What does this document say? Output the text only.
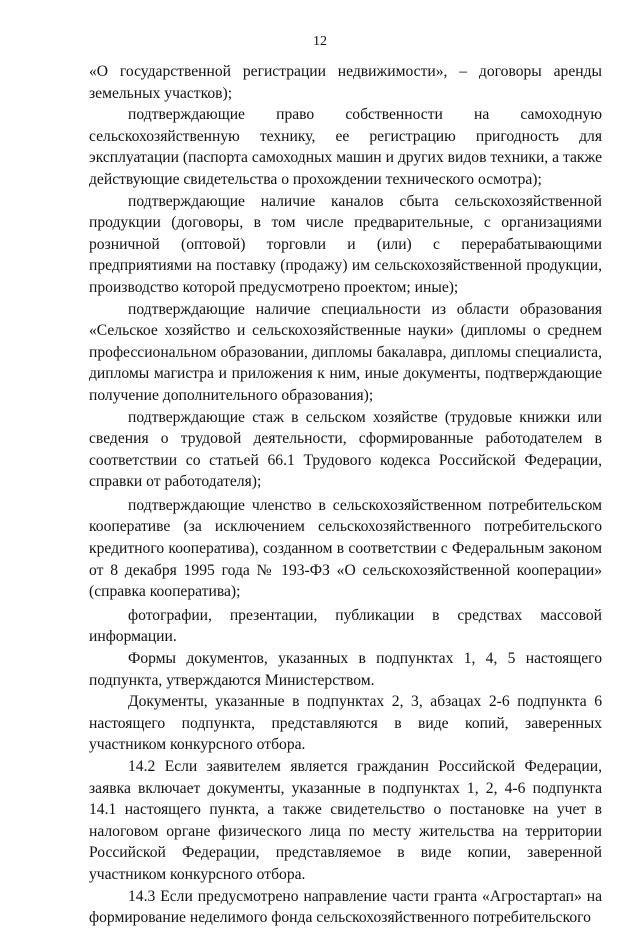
12

«О государственной регистрации недвижимости», – договоры аренды земельных участков);

подтверждающие право собственности на самоходную сельскохозяйственную технику, ее регистрацию пригодность для эксплуатации (паспорта самоходных машин и других видов техники, а также действующие свидетельства о прохождении технического осмотра);

подтверждающие наличие каналов сбыта сельскохозяйственной продукции (договоры, в том числе предварительные, с организациями розничной (оптовой) торговли и (или) с перерабатывающими предприятиями на поставку (продажу) им сельскохозяйственной продукции, производство которой предусмотрено проектом; иные);

подтверждающие наличие специальности из области образования «Сельское хозяйство и сельскохозяйственные науки» (дипломы о среднем профессиональном образовании, дипломы бакалавра, дипломы специалиста, дипломы магистра и приложения к ним, иные документы, подтверждающие получение дополнительного образования);

подтверждающие стаж в сельском хозяйстве (трудовые книжки или сведения о трудовой деятельности, сформированные работодателем в соответствии со статьей 66.1 Трудового кодекса Российской Федерации, справки от работодателя);

подтверждающие членство в сельскохозяйственном потребительском кооперативе (за исключением сельскохозяйственного потребительского кредитного кооператива), созданном в соответствии с Федеральным законом от 8 декабря 1995 года № 193-ФЗ «О сельскохозяйственной кооперации» (справка кооператива);

фотографии, презентации, публикации в средствах массовой информации.

Формы документов, указанных в подпунктах 1, 4, 5 настоящего подпункта, утверждаются Министерством.

Документы, указанные в подпунктах 2, 3, абзацах 2-6 подпункта 6 настоящего подпункта, представляются в виде копий, заверенных участником конкурсного отбора.

14.2 Если заявителем является гражданин Российской Федерации, заявка включает документы, указанные в подпунктах 1, 2, 4-6 подпункта 14.1 настоящего пункта, а также свидетельство о постановке на учет в налоговом органе физического лица по месту жительства на территории Российской Федерации, представляемое в виде копии, заверенной участником конкурсного отбора.

14.3 Если предусмотрено направление части гранта «Агростартап» на формирование неделимого фонда сельскохозяйственного потребительского
